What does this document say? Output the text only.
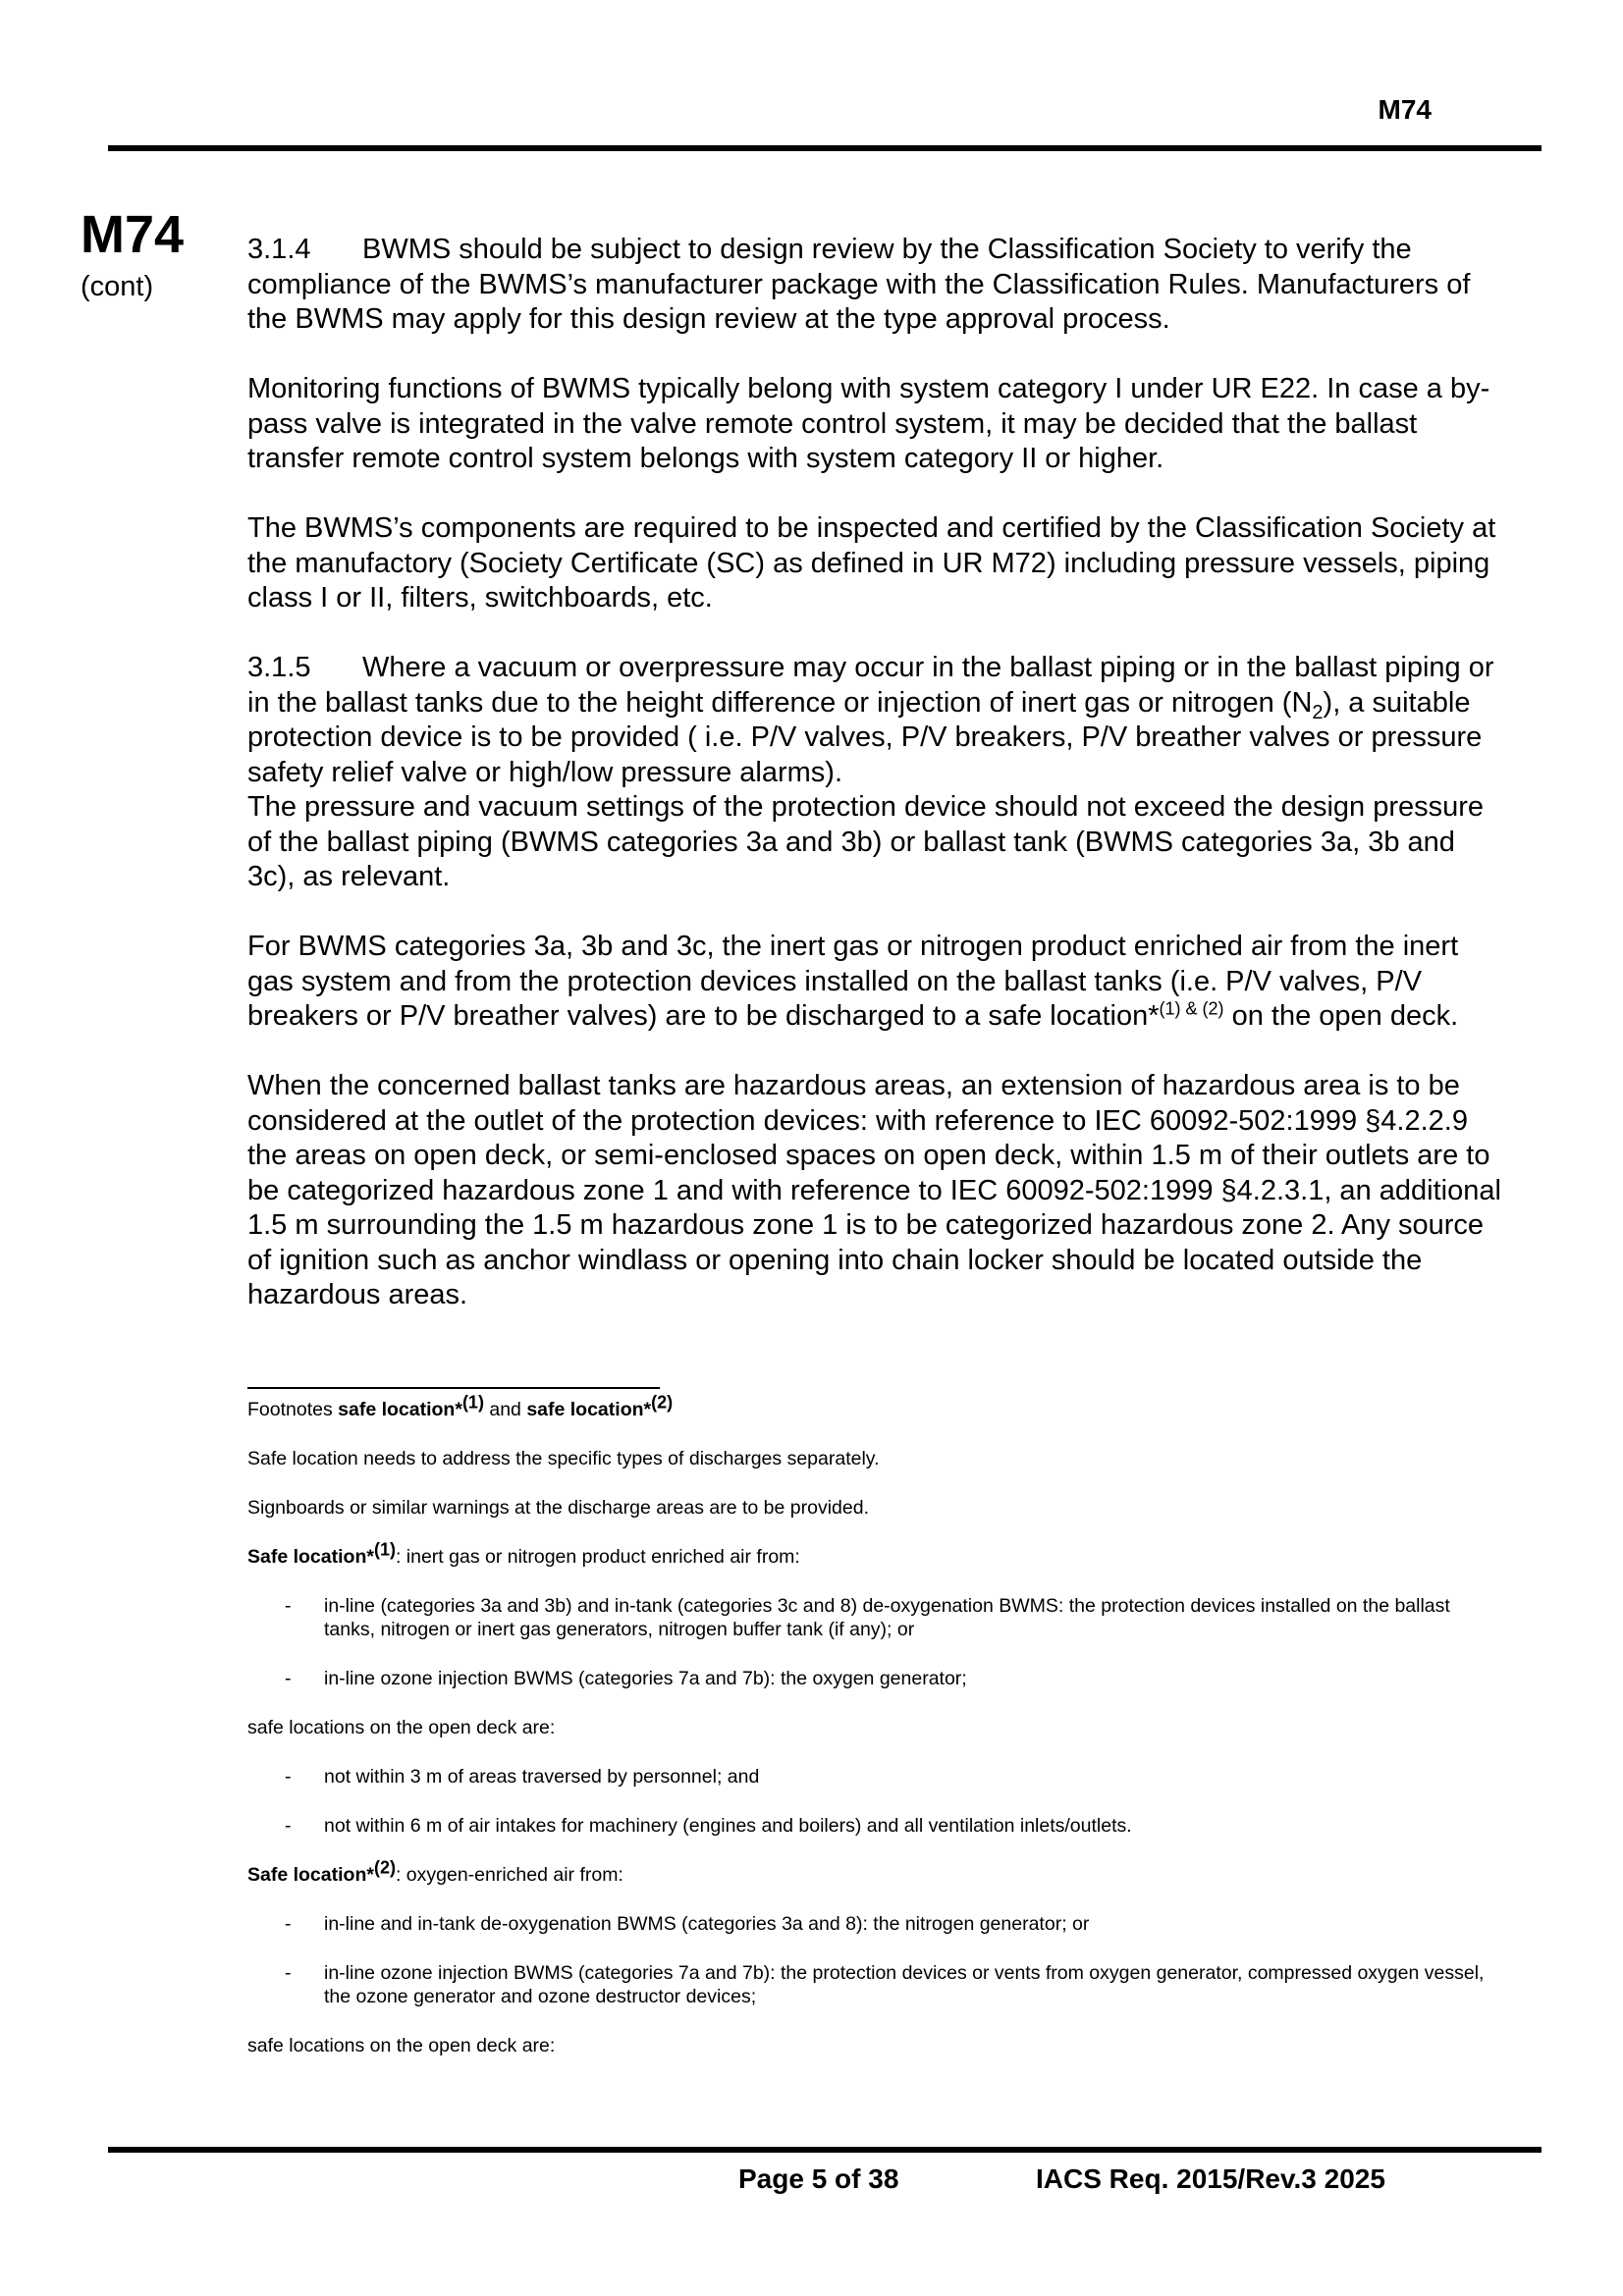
M74
M74
(cont)

3.1.4 BWMS should be subject to design review by the Classification Society to verify the compliance of the BWMS’s manufacturer package with the Classification Rules. Manufacturers of the BWMS may apply for this design review at the type approval process.

Monitoring functions of BWMS typically belong with system category I under UR E22. In case a by-pass valve is integrated in the valve remote control system, it may be decided that the ballast transfer remote control system belongs with system category II or higher.

The BWMS’s components are required to be inspected and certified by the Classification Society at the manufactory (Society Certificate (SC) as defined in UR M72) including pressure vessels, piping class I or II, filters, switchboards, etc.

3.1.5 Where a vacuum or overpressure may occur in the ballast piping or in the ballast piping or in the ballast tanks due to the height difference or injection of inert gas or nitrogen $(N_2)$, a suitable protection device is to be provided ( i.e. P/V valves, P/V breakers, P/V breather valves or pressure safety relief valve or high/low pressure alarms).

The pressure and vacuum settings of the protection device should not exceed the design pressure of the ballast piping (BWMS categories 3a and 3b) or ballast tank (BWMS categories 3a, 3b and 3c), as relevant.

For BWMS categories 3a, 3b and 3c, the inert gas or nitrogen product enriched air from the inert gas system and from the protection devices installed on the ballast tanks (i.e. P/V valves, P/V breakers or P/V breather valves) are to be discharged to a safe location*$^{(1) \& (2)}$ on the open deck.

When the concerned ballast tanks are hazardous areas, an extension of hazardous area is to be considered at the outlet of the protection devices: with reference to IEC 60092-502:1999 §4.2.2.9 the areas on open deck, or semi-enclosed spaces on open deck, within 1.5 m of their outlets are to be categorized hazardous zone 1 and with reference to IEC 60092-502:1999 §4.2.3.1, an additional 1.5 m surrounding the 1.5 m hazardous zone 1 is to be categorized hazardous zone 2. Any source of ignition such as anchor windlass or opening into chain locker should be located outside the hazardous areas.

Footnotes safe location*$^{(1)}$ and safe location*$^{(2)}$

Safe location needs to address the specific types of discharges separately.

Signboards or similar warnings at the discharge areas are to be provided.

Safe location*$^{(1)}$: inert gas or nitrogen product enriched air from:

- in-line (categories 3a and 3b) and in-tank (categories 3c and 8) de-oxygenation BWMS: the protection devices installed on the ballast tanks, nitrogen or inert gas generators, nitrogen buffer tank (if any); or
- in-line ozone injection BWMS (categories 7a and 7b): the oxygen generator;

safe locations on the open deck are:

- not within 3 m of areas traversed by personnel; and
- not within 6 m of air intakes for machinery (engines and boilers) and all ventilation inlets/outlets.

Safe location*$^{(2)}$: oxygen-enriched air from:

- in-line and in-tank de-oxygenation BWMS (categories 3a and 8): the nitrogen generator; or
- in-line ozone injection BWMS (categories 7a and 7b): the protection devices or vents from oxygen generator, compressed oxygen vessel, the ozone generator and ozone destructor devices;

safe locations on the open deck are:

Page 5 of 38	IACS Req. 2015/Rev.3 2025
